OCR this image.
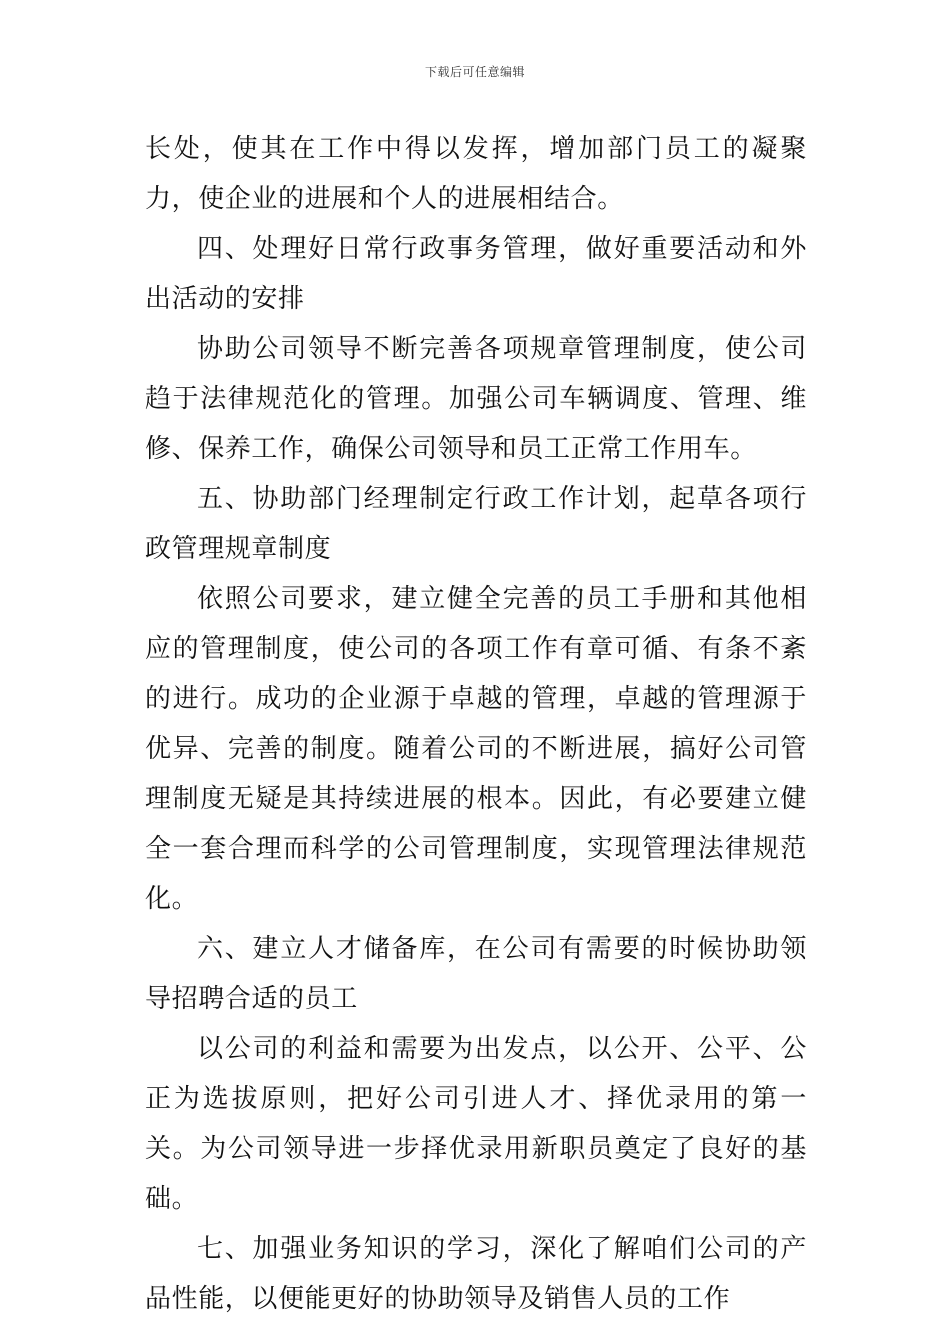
下载后可任意编辑

长处，使其在工作中得以发挥，增加部门员工的凝聚力，使企业的进展和个人的进展相结合。

四、处理好日常行政事务管理，做好重要活动和外出活动的安排

协助公司领导不断完善各项规章管理制度，使公司趋于法律规范化的管理。加强公司车辆调度、管理、维修、保养工作，确保公司领导和员工正常工作用车。

五、协助部门经理制定行政工作计划，起草各项行政管理规章制度

依照公司要求，建立健全完善的员工手册和其他相应的管理制度，使公司的各项工作有章可循、有条不紊的进行。成功的企业源于卓越的管理，卓越的管理源于优异、完善的制度。随着公司的不断进展，搞好公司管理制度无疑是其持续进展的根本。因此，有必要建立健全一套合理而科学的公司管理制度，实现管理法律规范化。

六、建立人才储备库，在公司有需要的时候协助领导招聘合适的员工

以公司的利益和需要为出发点，以公开、公平、公正为选拔原则，把好公司引进人才、择优录用的第一关。为公司领导进一步择优录用新职员奠定了良好的基础。

七、加强业务知识的学习，深化了解咱们公司的产品性能，以便能更好的协助领导及销售人员的工作
